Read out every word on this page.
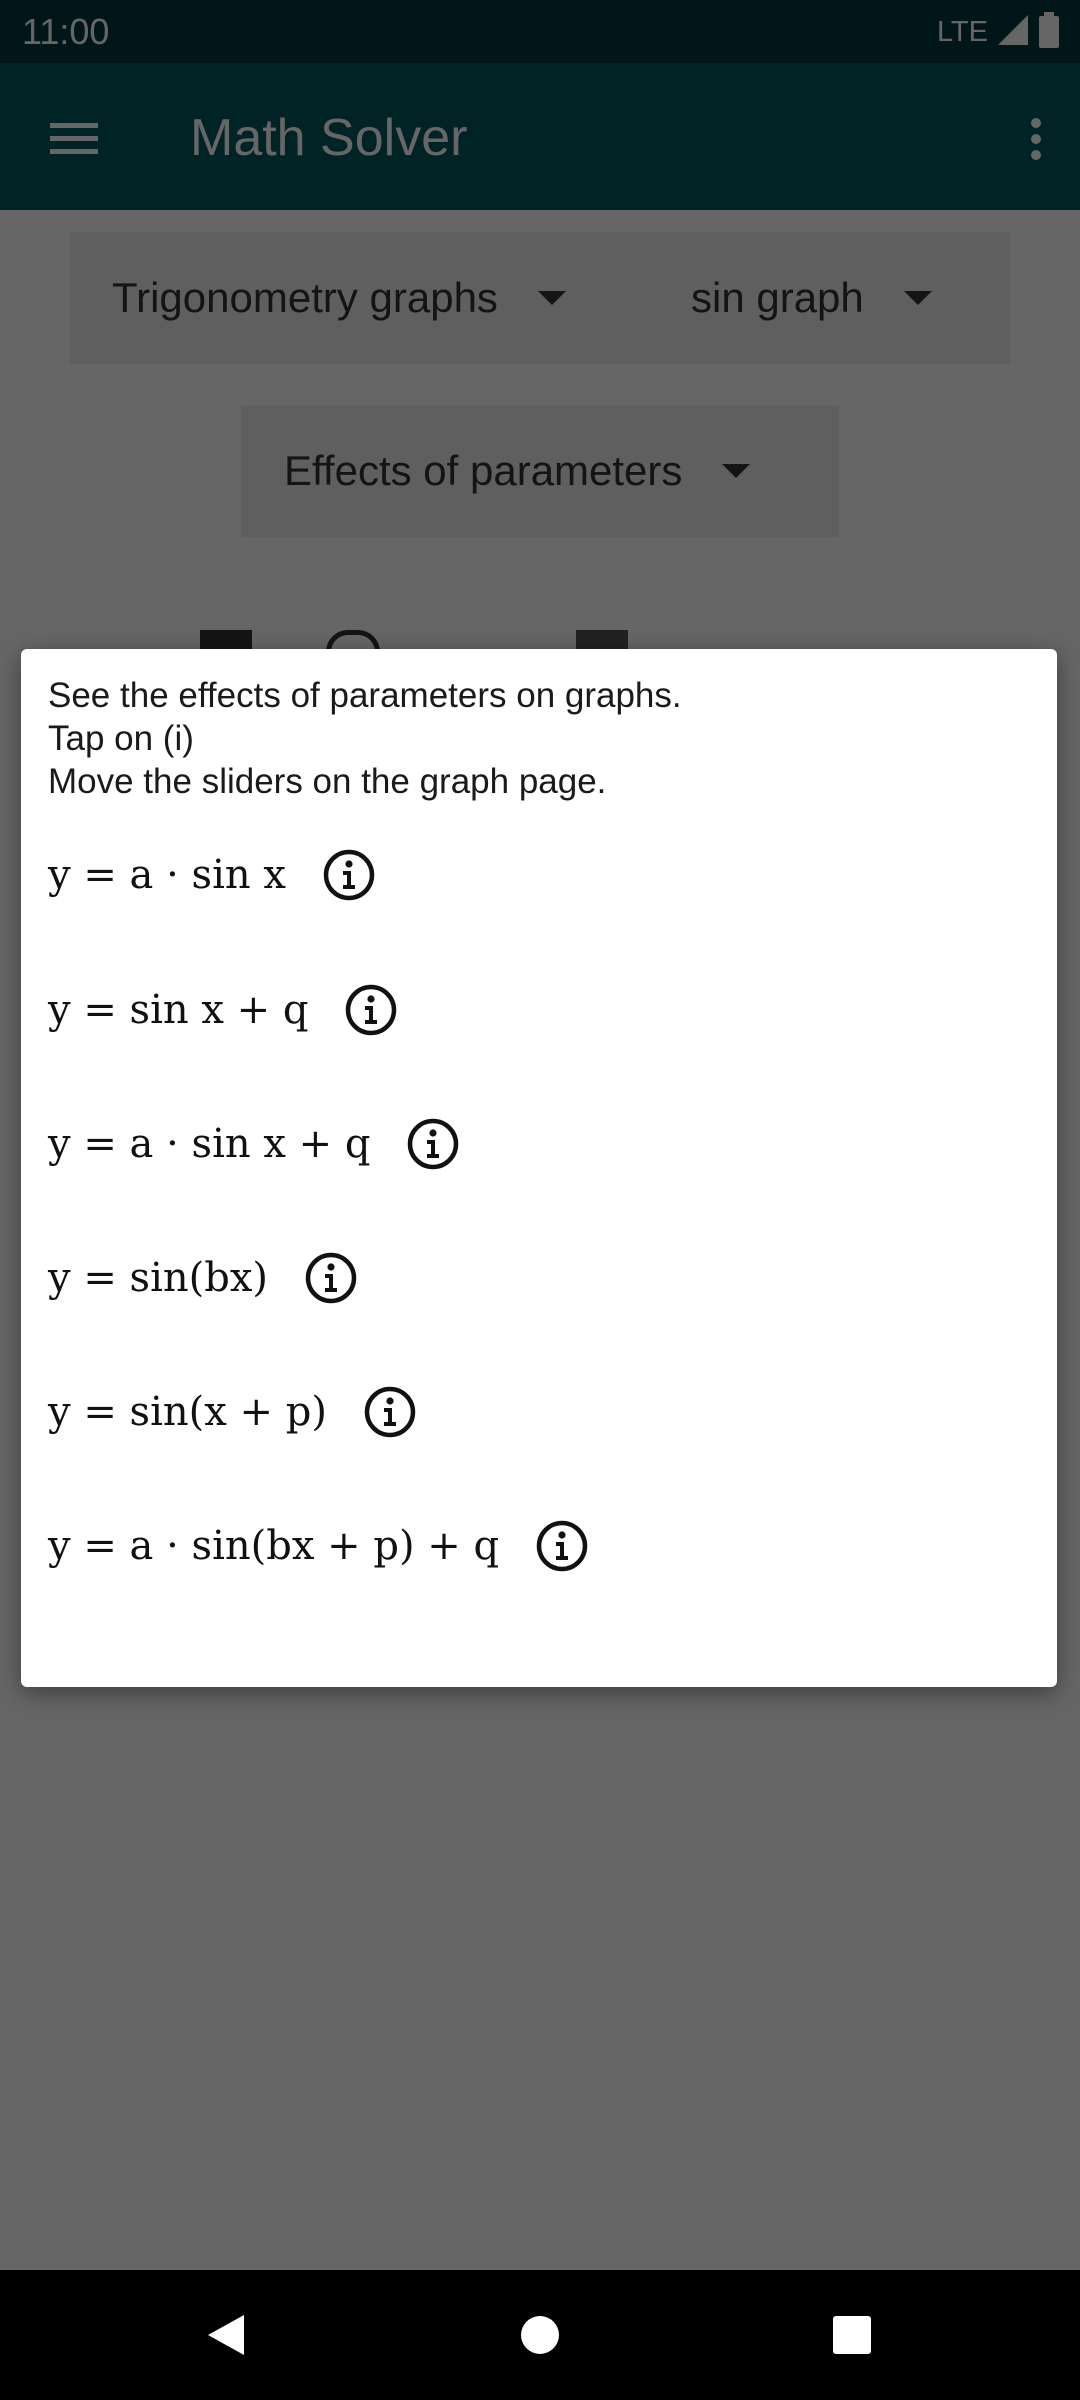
See the effects of parameters on graphs.
Tap on (i)
Move the sliders on the graph page.
y = a · sin x
y = sin x + q
y = a · sin x + q
y = sin(bx)
y = sin(x + p)
y = a · sin(bx + p) + q
